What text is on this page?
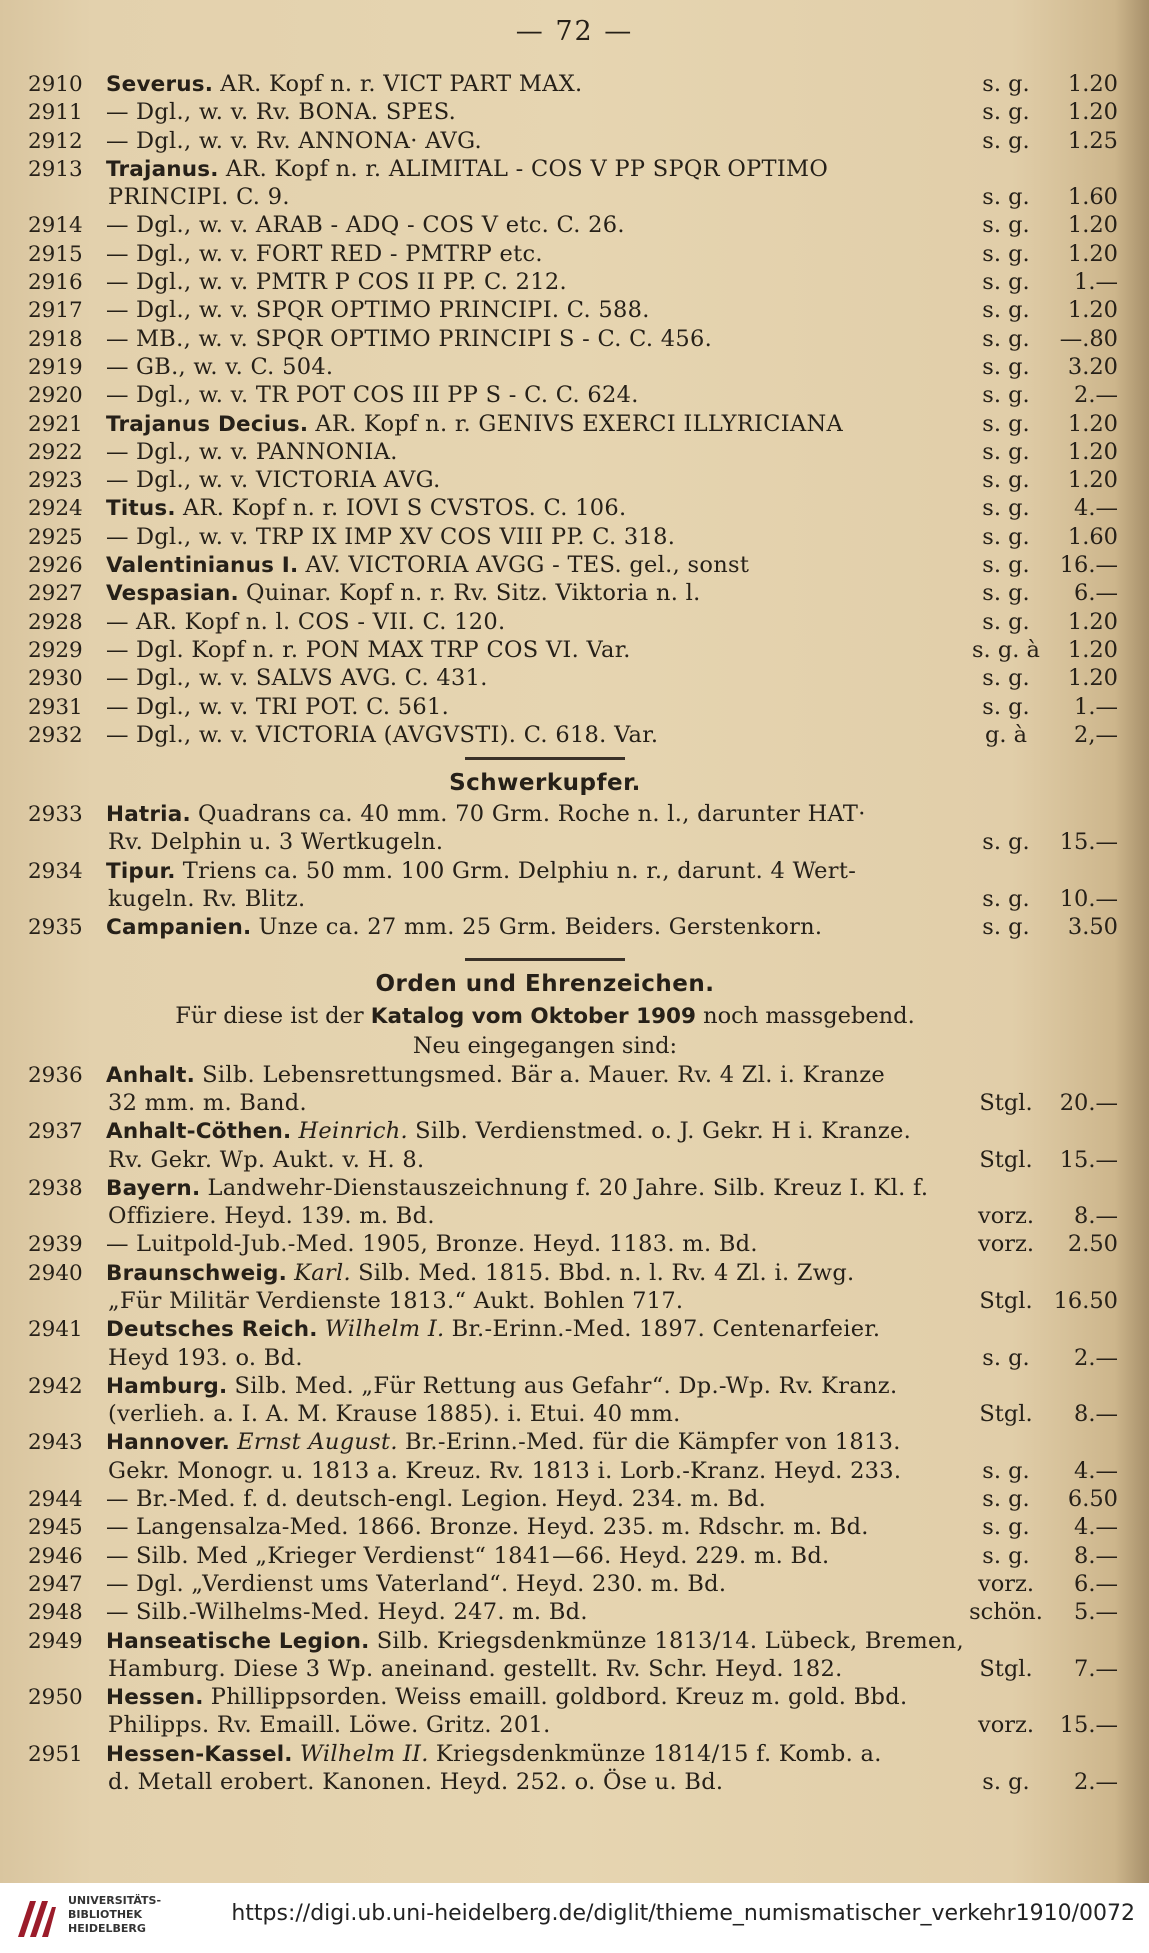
— 72 —
2910 Severus. AR. Kopf n. r. VICT PART MAX.	s. g.	1.20
2911 — Dgl., w. v. Rv. BONA. SPES.	s. g.	1.20
2912 — Dgl., w. v. Rv. ANNONA· AVG.	s. g.	1.25
2913 Trajanus. AR. Kopf n. r. ALIMITAL - COS V PP SPQR OPTIMO
PRINCIPI. C. 9.	s. g.	1.60
2914 — Dgl., w. v. ARAB - ADQ - COS V etc. C. 26.	s. g.	1.20
2915 — Dgl., w. v. FORT RED - PMTRP etc.	s. g.	1.20
2916 — Dgl., w. v. PMTR P COS II PP. C. 212.	s. g.	1.—
2917 — Dgl., w. v. SPQR OPTIMO PRINCIPI. C. 588.	s. g.	1.20
2918 — MB., w. v. SPQR OPTIMO PRINCIPI S - C. C. 456.	s. g.	—.80
2919 — GB., w. v. C. 504.	s. g.	3.20
2920 — Dgl., w. v. TR POT COS III PP S - C. C. 624.	s. g.	2.—
2921 Trajanus Decius. AR. Kopf n. r. GENIVS EXERCI ILLYRICIANA	s. g.	1.20
2922 — Dgl., w. v. PANNONIA.	s. g.	1.20
2923 — Dgl., w. v. VICTORIA AVG.	s. g.	1.20
2924 Titus. AR. Kopf n. r. IOVI S CVSTOS. C. 106.	s. g.	4.—
2925 — Dgl., w. v. TRP IX IMP XV COS VIII PP. C. 318.	s. g.	1.60
2926 Valentinianus I. AV. VICTORIA AVGG - TES. gel., sonst	s. g.	16.—
2927 Vespasian. Quinar. Kopf n. r. Rv. Sitz. Viktoria n. l.	s. g.	6.—
2928 — AR. Kopf n. l. COS - VII. C. 120.	s. g.	1.20
2929 — Dgl. Kopf n. r. PON MAX TRP COS VI. Var.	s. g. à	1.20
2930 — Dgl., w. v. SALVS AVG. C. 431.	s. g.	1.20
2931 — Dgl., w. v. TRI POT. C. 561.	s. g.	1.—
2932 — Dgl., w. v. VICTORIA (AVGVSTI). C. 618. Var.	g. à	2,—
Schwerkupfer.
2933 Hatria. Quadrans ca. 40 mm. 70 Grm. Roche n. l., darunter HAT·
Rv. Delphin u. 3 Wertkugeln.	s. g.	15.—
2934 Tipur. Triens ca. 50 mm. 100 Grm. Delphiu n. r., darunt. 4 Wert-
kugeln. Rv. Blitz.	s. g.	10.—
2935 Campanien. Unze ca. 27 mm. 25 Grm. Beiders. Gerstenkorn.	s. g.	3.50
Orden und Ehrenzeichen.
Für diese ist der Katalog vom Oktober 1909 noch massgebend.
Neu eingegangen sind:
2936 Anhalt. Silb. Lebensrettungsmed. Bär a. Mauer. Rv. 4 Zl. i. Kranze
32 mm. m. Band.	Stgl.	20.—
2937 Anhalt-Cöthen. Heinrich. Silb. Verdienstmed. o. J. Gekr. H i. Kranze.
Rv. Gekr. Wp. Aukt. v. H. 8.	Stgl.	15.—
2938 Bayern. Landwehr-Dienstauszeichnung f. 20 Jahre. Silb. Kreuz I. Kl. f.
Offiziere. Heyd. 139. m. Bd.	vorz.	8.—
2939 — Luitpold-Jub.-Med. 1905, Bronze. Heyd. 1183. m. Bd.	vorz.	2.50
2940 Braunschweig. Karl. Silb. Med. 1815. Bbd. n. l. Rv. 4 Zl. i. Zwg.
„Für Militär Verdienste 1813.“ Aukt. Bohlen 717.	Stgl. 16.50
2941 Deutsches Reich. Wilhelm I. Br.-Erinn.-Med. 1897. Centenarfeier.
Heyd 193. o. Bd.	s. g.	2.—
2942 Hamburg. Silb. Med. „Für Rettung aus Gefahr“. Dp.-Wp. Rv. Kranz.
(verlieh. a. I. A. M. Krause 1885). i. Etui. 40 mm.	Stgl.	8.—
2943 Hannover. Ernst August. Br.-Erinn.-Med. für die Kämpfer von 1813.
Gekr. Monogr. u. 1813 a. Kreuz. Rv. 1813 i. Lorb.-Kranz. Heyd. 233.	s. g.	4.—
2944 — Br.-Med. f. d. deutsch-engl. Legion. Heyd. 234. m. Bd.	s. g.	6.50
2945 — Langensalza-Med. 1866. Bronze. Heyd. 235. m. Rdschr. m. Bd.	s. g.	4.—
2946 — Silb. Med „Krieger Verdienst“ 1841—66. Heyd. 229. m. Bd.	s. g.	8.—
2947 — Dgl. „Verdienst ums Vaterland“. Heyd. 230. m. Bd.	vorz.	6.—
2948 — Silb.-Wilhelms-Med. Heyd. 247. m. Bd.	schön.	5.—
2949 Hanseatische Legion. Silb. Kriegsdenkmünze 1813/14. Lübeck, Bremen,
Hamburg. Diese 3 Wp. aneinand. gestellt. Rv. Schr. Heyd. 182.	Stgl.	7.—
2950 Hessen. Phillippsorden. Weiss emaill. goldbord. Kreuz m. gold. Bbd.
Philipps. Rv. Emaill. Löwe. Gritz. 201.	vorz.	15.—
2951 Hessen-Kassel. Wilhelm II. Kriegsdenkmünze 1814/15 f. Komb. a.
d. Metall erobert. Kanonen. Heyd. 252. o. Öse u. Bd.	s. g.	2.—
UNIVERSITÄTS-
BIBLIOTHEK
HEIDELBERG
https://digi.ub.uni-heidelberg.de/diglit/thieme_numismatischer_verkehr1910/0072
